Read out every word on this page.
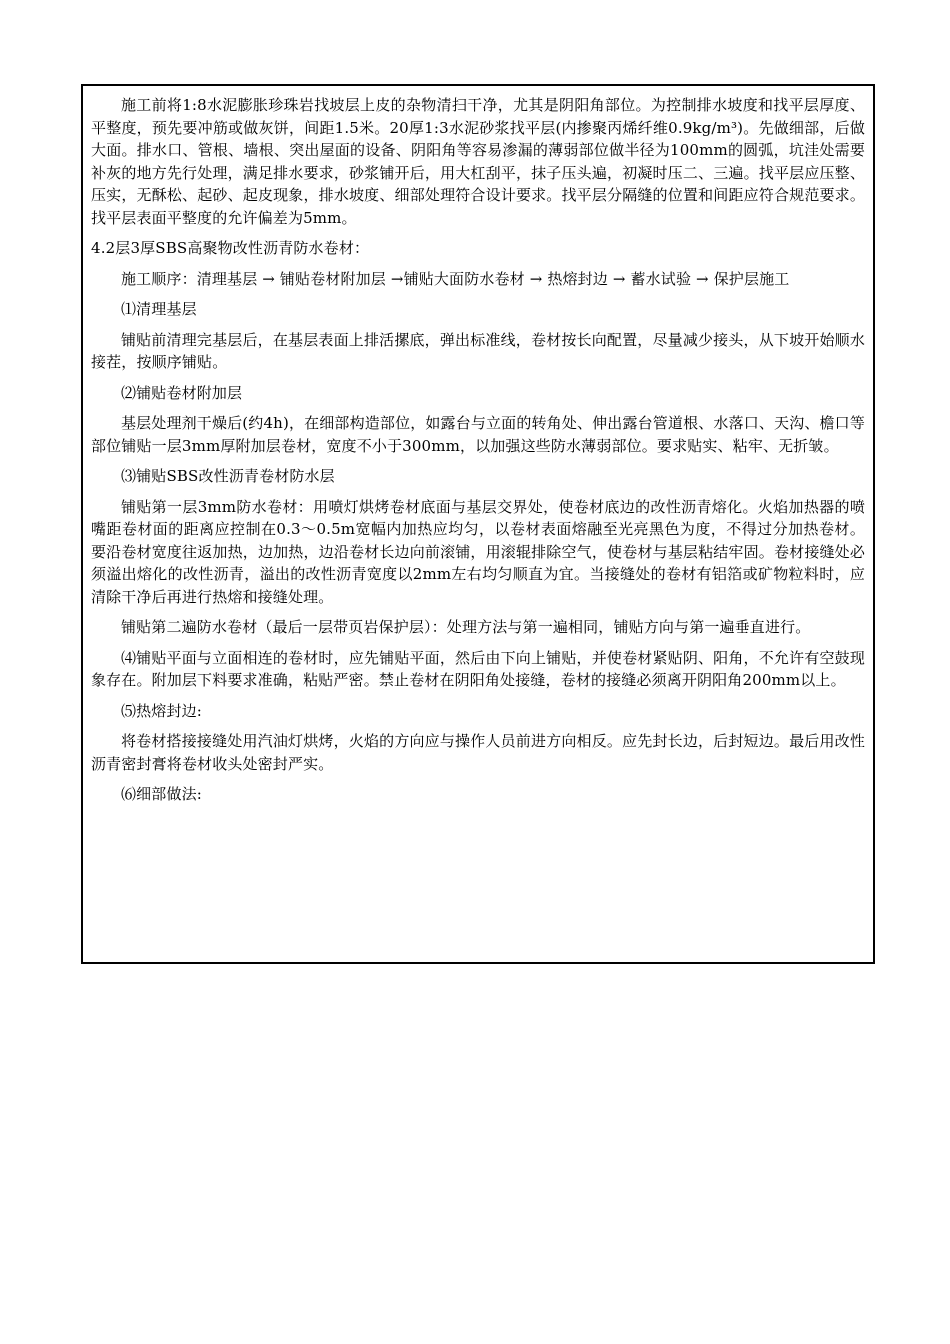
施工前将1:8水泥膨胀珍珠岩找坡层上皮的杂物清扫干净，尤其是阴阳角部位。为控制排水坡度和找平层厚度、平整度，预先要冲筋或做灰饼，间距1.5米。20厚1:3水泥砂浆找平层(内掺聚丙烯纤维0.9kg/m³)。先做细部，后做大面。排水口、管根、墙根、突出屋面的设备、阴阳角等容易渗漏的薄弱部位做半径为100mm的圆弧，坑洼处需要补灰的地方先行处理，满足排水要求，砂浆铺开后，用大杠刮平，抹子压头遍，初凝时压二、三遍。找平层应压整、压实，无酥松、起砂、起皮现象，排水坡度、细部处理符合设计要求。找平层分隔缝的位置和间距应符合规范要求。找平层表面平整度的允许偏差为5mm。

4.2层3厚SBS高聚物改性沥青防水卷材：

施工顺序：清理基层 → 铺贴卷材附加层 →铺贴大面防水卷材 → 热熔封边 → 蓄水试验 → 保护层施工

⑴清理基层

铺贴前清理完基层后，在基层表面上排活摞底，弹出标准线，卷材按长向配置，尽量减少接头，从下坡开始顺水接茬，按顺序铺贴。

⑵铺贴卷材附加层

基层处理剂干燥后(约4h)，在细部构造部位，如露台与立面的转角处、伸出露台管道根、水落口、天沟、檐口等部位铺贴一层3mm厚附加层卷材，宽度不小于300mm，以加强这些防水薄弱部位。要求贴实、粘牢、无折皱。

⑶铺贴SBS改性沥青卷材防水层

铺贴第一层3mm防水卷材：用喷灯烘烤卷材底面与基层交界处，使卷材底边的改性沥青熔化。火焰加热器的喷嘴距卷材面的距离应控制在0.3～0.5m宽幅内加热应均匀，以卷材表面熔融至光亮黑色为度，不得过分加热卷材。要沿卷材宽度往返加热，边加热，边沿卷材长边向前滚铺，用滚辊排除空气，使卷材与基层粘结牢固。卷材接缝处必须溢出熔化的改性沥青，溢出的改性沥青宽度以2mm左右均匀顺直为宜。当接缝处的卷材有铝箔或矿物粒料时，应清除干净后再进行热熔和接缝处理。

铺贴第二遍防水卷材（最后一层带页岩保护层）：处理方法与第一遍相同，铺贴方向与第一遍垂直进行。

⑷铺贴平面与立面相连的卷材时，应先铺贴平面，然后由下向上铺贴，并使卷材紧贴阴、阳角，不允许有空鼓现象存在。附加层下料要求准确，粘贴严密。禁止卷材在阴阳角处接缝，卷材的接缝必须离开阴阳角200mm以上。

⑸热熔封边:

将卷材搭接接缝处用汽油灯烘烤，火焰的方向应与操作人员前进方向相反。应先封长边，后封短边。最后用改性沥青密封膏将卷材收头处密封严实。

⑹细部做法:
